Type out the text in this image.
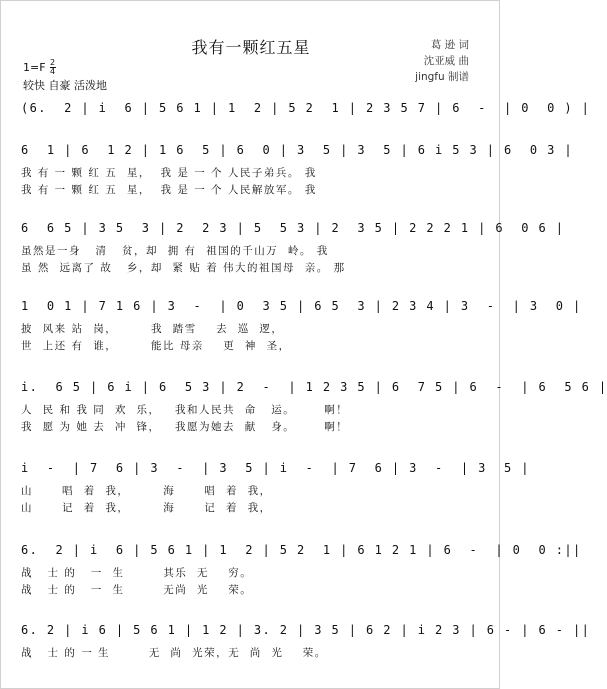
我有一颗红五星
$1=F \frac{2}{4}$
较快 自豪 活泼地
葛 逊 词
沈亚威 曲
jingfu 制谱
(6.  2 | i  6 | 5 6 1 | 1  2 | 5 2  1 | 2 3 5 7 | 6  -  | 0  0 ) |
6  1 | 6  1 2 | 1 6  5 | 6  0 | 3  5 | 3  5 | 6 i 5 3 | 6  0 3 |
我 有 一 颗 红 五  星，  我 是 一 个 人民子弟兵。 我
我 有 一 颗 红 五  星，  我 是 一 个 人民解放军。 我
6  6 5 | 3 5  3 | 2  2 3 | 5  5 3 | 2  3 5 | 2 2 2 1 | 6  0 6 |
虽然是一身   清   贫，却  拥 有  祖国的千山万  岭。 我
虽 然  远离了 故   乡，却  紧 贴 着 伟大的祖国母  亲。 那
1  0 1 | 7 1 6 | 3  -  | 0  3 5 | 6 5  3 | 2 3 4 | 3  -  | 3  0 |
披  风来 站  岗，       我  踏雪    去  巡  逻，
世  上还 有  谁，       能比 母亲    更  神  圣，
i.  6 5 | 6 i | 6  5 3 | 2  -  | 1 2 3 5 | 6  7 5 | 6  -  | 6  5 6 |
人  民 和 我 同  欢  乐，   我和人民共  命   运。      啊！
我  愿 为 她 去  冲  锋，   我愿为她去  献   身。      啊！
i  -  | 7  6 | 3  -  | 3  5 | i  -  | 7  6 | 3  -  | 3  5 |
山      唱  着  我，       海      唱  着  我，
山      记  着  我，       海      记  着  我，
6.  2 | i  6 | 5 6 1 | 1  2 | 5 2  1 | 6 1 2 1 | 6  -  | 0  0 :||
战   士 的   一  生        其乐  无    穷。
战   士 的   一  生        无尚  光    荣。
6. 2 | i 6 | 5 6 1 | 1 2 | 3. 2 | 3 5 | 6 2 | i 2 3 | 6 - | 6 - ||
战   士 的 一 生        无  尚  光荣，无  尚  光    荣。
